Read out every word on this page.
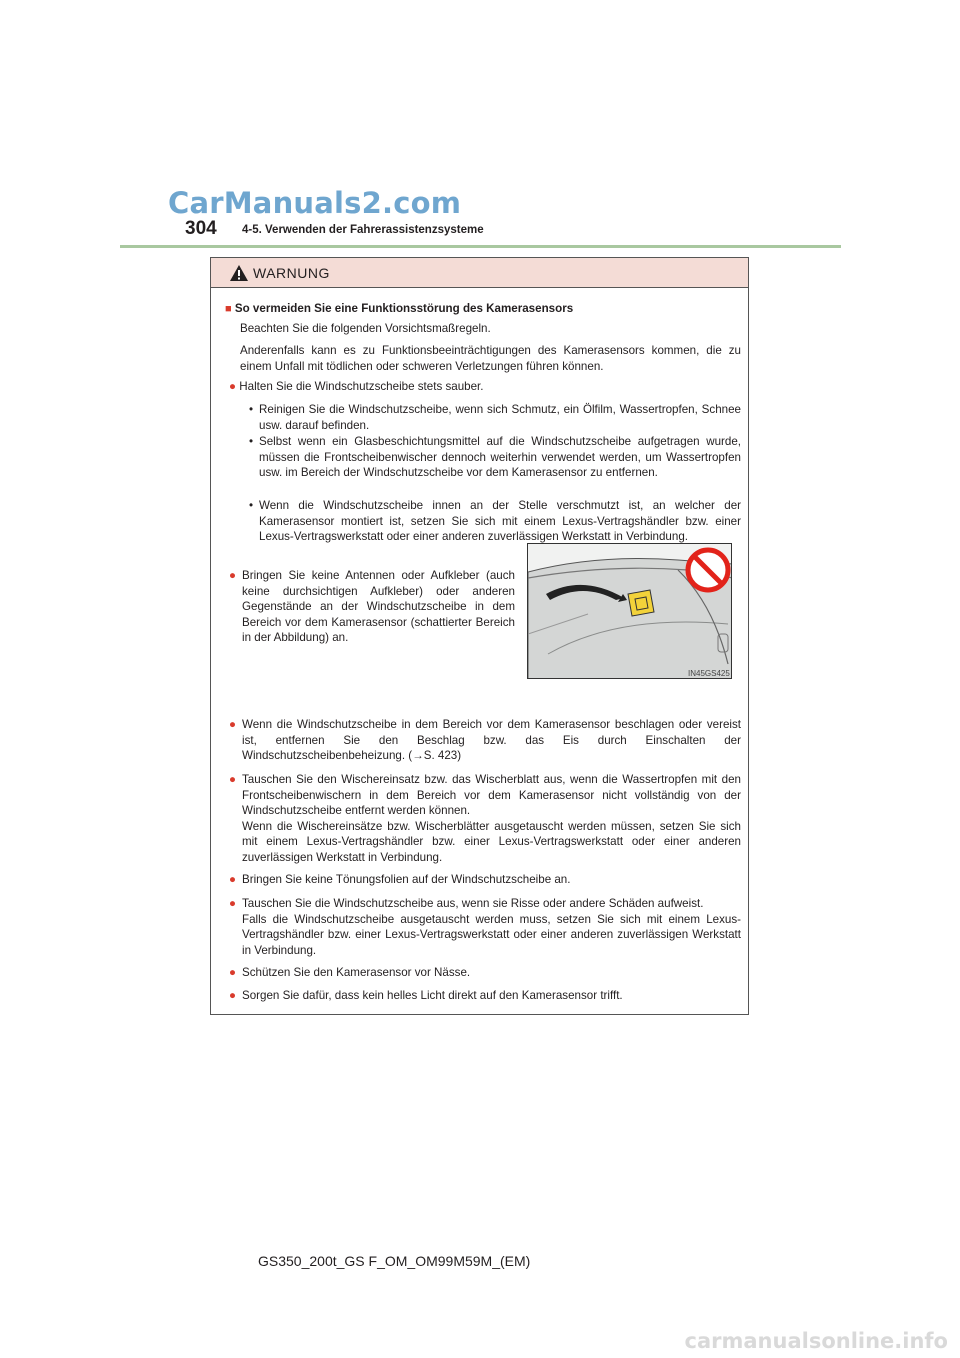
CarManuals2.com
304 4-5. Verwenden der Fahrerassistenzsysteme
WARNUNG

■ So vermeiden Sie eine Funktionsstörung des Kamerasensors

Beachten Sie die folgenden Vorsichtsmaßregeln.

Anderenfalls kann es zu Funktionsbeeinträchtigungen des Kamerasensors kommen, die zu einem Unfall mit tödlichen oder schweren Verletzungen führen können.

● Halten Sie die Windschutzscheibe stets sauber.

• Reinigen Sie die Windschutzscheibe, wenn sich Schmutz, ein Ölfilm, Wassertropfen, Schnee usw. darauf befinden.
• Selbst wenn ein Glasbeschichtungsmittel auf die Windschutzscheibe aufgetragen wurde, müssen die Frontscheibenwischer dennoch weiterhin verwendet werden, um Wassertropfen usw. im Bereich der Windschutzscheibe vor dem Kamerasensor zu entfernen.
• Wenn die Windschutzscheibe innen an der Stelle verschmutzt ist, an welcher der Kamerasensor montiert ist, setzen Sie sich mit einem Lexus-Vertragshändler bzw. einer Lexus-Vertragswerkstatt oder einer anderen zuverlässigen Werkstatt in Verbindung.
● Bringen Sie keine Antennen oder Aufkleber (auch keine durchsichtigen Aufkleber) oder anderen Gegenstände an der Windschutzscheibe in dem Bereich vor dem Kamerasensor (schattierter Bereich in der Abbildung) an.
● Wenn die Windschutzscheibe in dem Bereich vor dem Kamerasensor beschlagen oder vereist ist, entfernen Sie den Beschlag bzw. das Eis durch Einschalten der Windschutzscheibenbeheizung. (→S. 423)
● Tauschen Sie den Wischereinsatz bzw. das Wischerblatt aus, wenn die Wassertropfen mit den Frontscheibenwischern in dem Bereich vor dem Kamerasensor nicht vollständig von der Windschutzscheibe entfernt werden können.
Wenn die Wischereinsätze bzw. Wischerblätter ausgetauscht werden müssen, setzen Sie sich mit einem Lexus-Vertragshändler bzw. einer Lexus-Vertragswerkstatt oder einer anderen zuverlässigen Werkstatt in Verbindung.
● Bringen Sie keine Tönungsfolien auf der Windschutzscheibe an.
● Tauschen Sie die Windschutzscheibe aus, wenn sie Risse oder andere Schäden aufweist.
Falls die Windschutzscheibe ausgetauscht werden muss, setzen Sie sich mit einem Lexus-Vertragshändler bzw. einer Lexus-Vertragswerkstatt oder einer anderen zuverlässigen Werkstatt in Verbindung.
● Schützen Sie den Kamerasensor vor Nässe.
● Sorgen Sie dafür, dass kein helles Licht direkt auf den Kamerasensor trifft.
IN45GS425
GS350_200t_GS F_OM_OM99M59M_(EM)
carmanualsonline.info
